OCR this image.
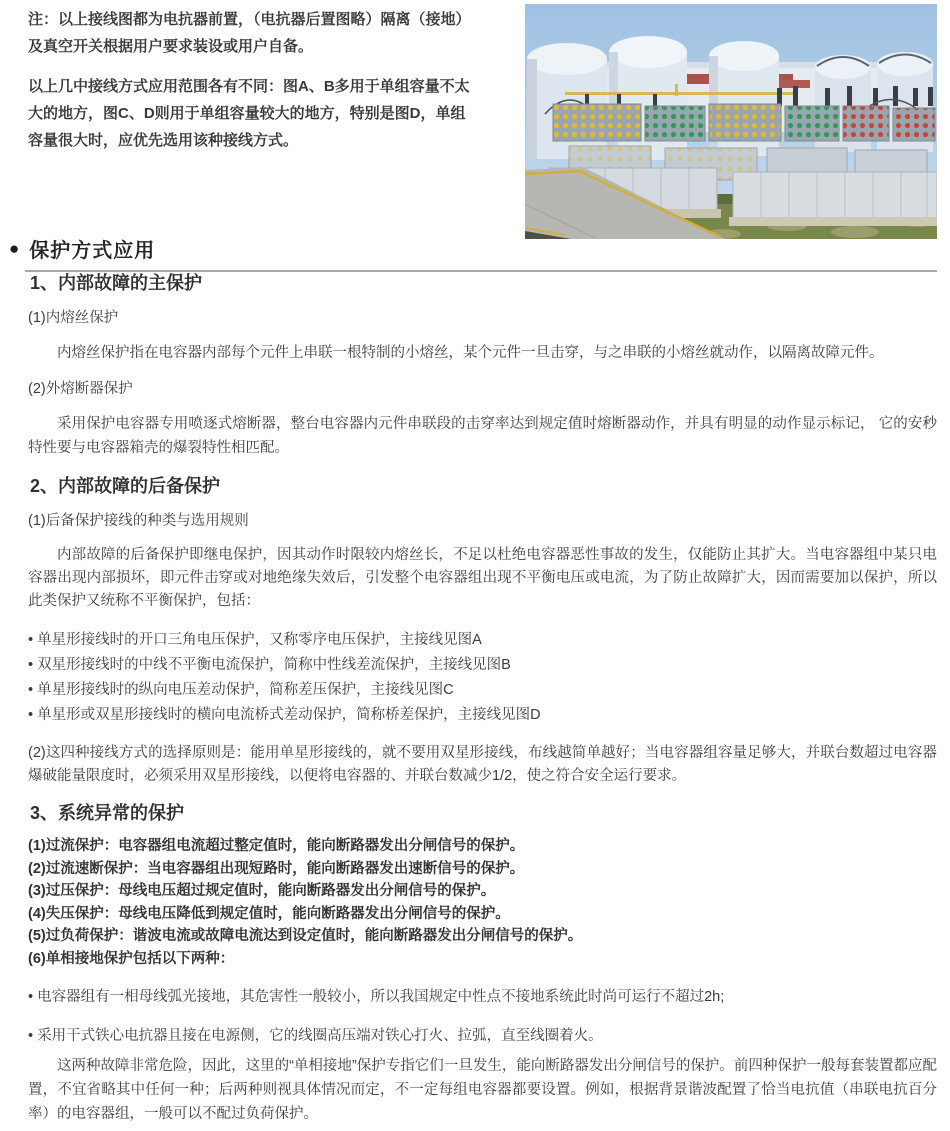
注：以上接线图都为电抗器前置，（电抗器后置图略）隔离（接地）及真空开关根据用户要求装设或用户自备。

以上几中接线方式应用范围各有不同：图A、B多用于单组容量不太大的地方，图C、D则用于单组容量较大的地方，特别是图D，单组容量很大时，应优先选用该种接线方式。

● 保护方式应用
1、内部故障的主保护
(1)内熔丝保护

内熔丝保护指在电容器内部每个元件上串联一根特制的小熔丝，某个元件一旦击穿，与之串联的小熔丝就动作，以隔离故障元件。

(2)外熔断器保护

采用保护电容器专用喷逐式熔断器，整台电容器内元件串联段的击穿率达到规定值时熔断器动作，并具有明显的动作显示标记， 它的安秒特性要与电容器箱壳的爆裂特性相匹配。

2、内部故障的后备保护
(1)后备保护接线的种类与选用规则

内部故障的后备保护即继电保护，因其动作时限较内熔丝长，不足以杜绝电容器恶性事故的发生，仅能防止其扩大。当电容器组中某只电容器出现内部损坏，即元件击穿或对地绝缘失效后，引发整个电容器组出现不平衡电压或电流，为了防止故障扩大，因而需要加以保护，所以此类保护又统称不平衡保护，包括：

• 单星形接线时的开口三角电压保护，又称零序电压保护，主接线见图A
• 双星形接线时的中线不平衡电流保护，简称中性线差流保护，主接线见图B
• 单星形接线时的纵向电压差动保护，简称差压保护，主接线见图C
• 单星形或双星形接线时的横向电流桥式差动保护，简称桥差保护，主接线见图D

(2)这四种接线方式的选择原则是：能用单星形接线的，就不要用双星形接线，布线越简单越好；当电容器组容量足够大，并联台数超过电容器爆破能量限度时，必须采用双星形接线，以便将电容器的、并联台数减少1/2，使之符合安全运行要求。

3、系统异常的保护
(1)过流保护：电容器组电流超过整定值时，能向断路器发出分闸信号的保护。
(2)过流速断保护：当电容器组出现短路时，能向断路器发出速断信号的保护。
(3)过压保护：母线电压超过规定值时，能向断路器发出分闸信号的保护。
(4)失压保护：母线电压降低到规定值时，能向断路器发出分闸信号的保护。
(5)过负荷保护：谐波电流或故障电流达到设定值时，能向断路器发出分闸信号的保护。
(6)单相接地保护包括以下两种：
• 电容器组有一相母线弧光接地，其危害性一般较小，所以我国规定中性点不接地系统此时尚可运行不超过2h;
• 采用干式铁心电抗器且接在电源侧，它的线圈高压端对铁心打火、拉弧，直至线圈着火。

这两种故障非常危险，因此，这里的“单相接地”保护专指它们一旦发生，能向断路器发出分闸信号的保护。前四种保护一般每套装置都应配置，不宜省略其中任何一种；后两种则视具体情况而定，不一定每组电容器都要设置。例如，根据背景谐波配置了恰当电抗值（串联电抗百分率）的电容器组，一般可以不配过负荷保护。
